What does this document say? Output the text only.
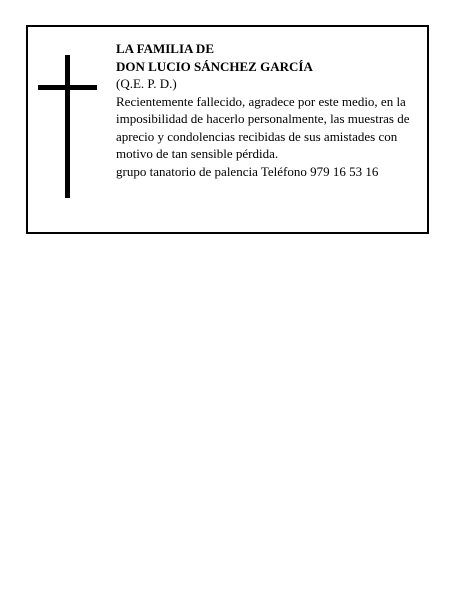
LA FAMILIA DE
DON LUCIO SÁNCHEZ GARCÍA
(Q.E. P. D.)
Recientemente fallecido, agradece por este medio, en la imposibilidad de hacerlo personalmente, las muestras de aprecio y condolencias recibidas de sus amistades con motivo de tan sensible pérdida.
grupo tanatorio de palencia Teléfono 979 16 53 16
